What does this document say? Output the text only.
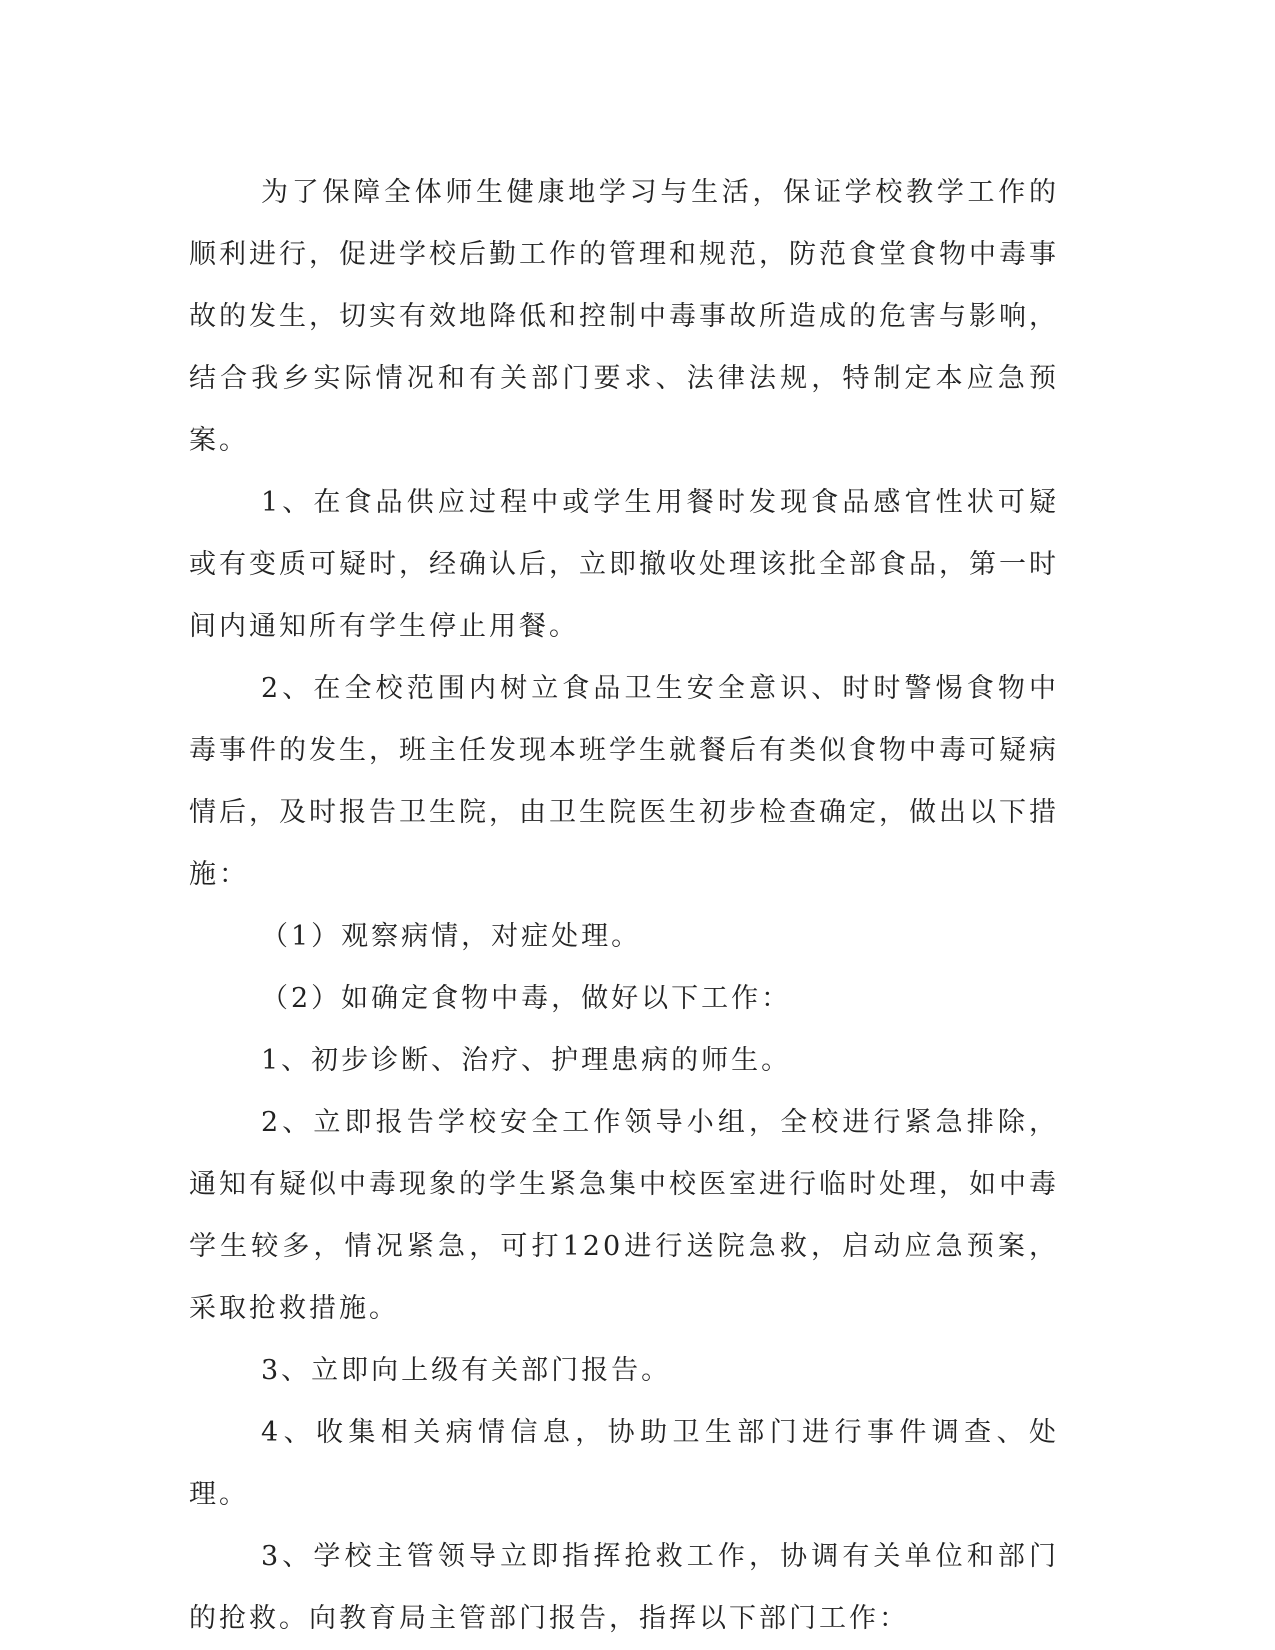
为了保障全体师生健康地学习与生活，保证学校教学工作的顺利进行，促进学校后勤工作的管理和规范，防范食堂食物中毒事故的发生，切实有效地降低和控制中毒事故所造成的危害与影响，结合我乡实际情况和有关部门要求、法律法规，特制定本应急预案。

1、在食品供应过程中或学生用餐时发现食品感官性状可疑或有变质可疑时，经确认后，立即撤收处理该批全部食品，第一时间内通知所有学生停止用餐。

2、在全校范围内树立食品卫生安全意识、时时警惕食物中毒事件的发生，班主任发现本班学生就餐后有类似食物中毒可疑病情后，及时报告卫生院，由卫生院医生初步检查确定，做出以下措施：

（1）观察病情，对症处理。

（2）如确定食物中毒，做好以下工作：

1、初步诊断、治疗、护理患病的师生。

2、立即报告学校安全工作领导小组，全校进行紧急排除，通知有疑似中毒现象的学生紧急集中校医室进行临时处理，如中毒学生较多，情况紧急，可打120进行送院急救，启动应急预案，采取抢救措施。

3、立即向上级有关部门报告。

4、收集相关病情信息，协助卫生部门进行事件调查、处理。

3、学校主管领导立即指挥抢救工作，协调有关单位和部门的抢救。向教育局主管部门报告，指挥以下部门工作：
